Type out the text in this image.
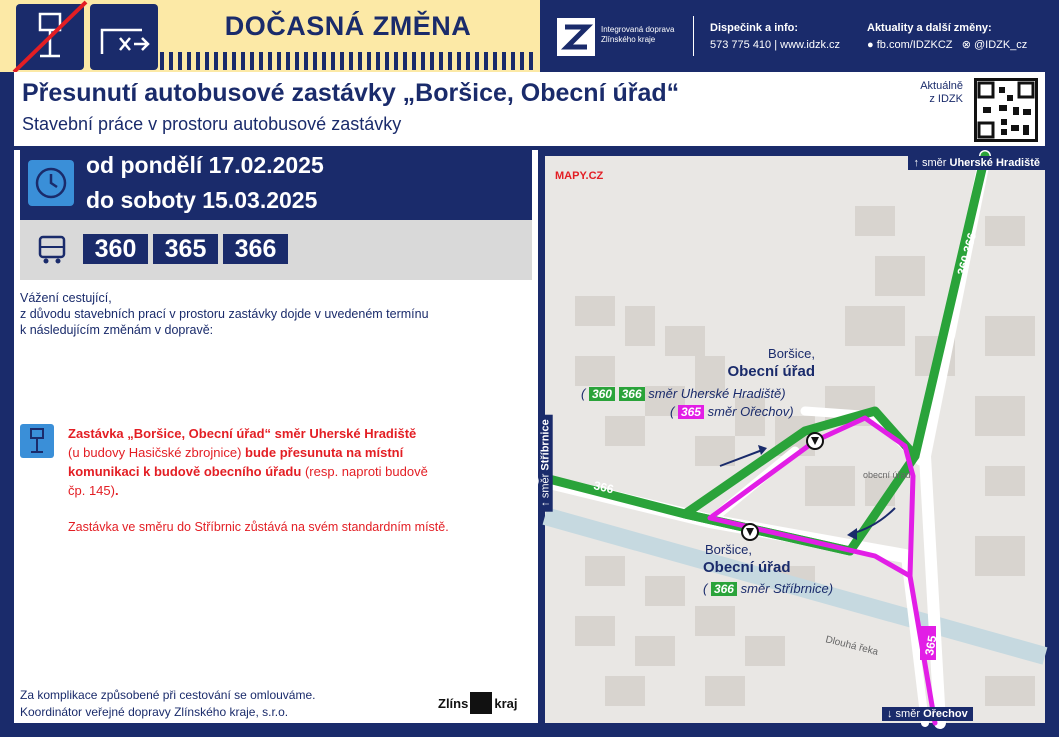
DOČASNÁ ZMĚNA	Integrovaná doprava
Zlínského kraje
Dispečink a info:
573 775 410 | www.idzk.cz
Aktuality a další změny:
● fb.com/IDZKCZ ⊗ @IDZK_cz
Přesunutí autobusové zastávky „Boršice, Obecní úřad“
Stavební práce v prostoru autobusové zastávky
Aktuálně
z IDZK
od pondělí 17.02.2025
do soboty 15.03.2025
360	365	366
Vážení cestující,
z důvodu stavebních prací v prostoru zastávky dojde v uvedeném termínu
k následujícím změnám v dopravě:
Zastávka „Boršice, Obecní úřad“ směr Uherské Hradiště
(u budovy Hasičské zbrojnice) bude přesunuta na místní
komunikaci k budově obecního úřadu (resp. naproti budově
čp. 145).
Zastávka ve směru do Stříbrnic zůstává na svém standardním místě.
Za komplikace způsobené při cestování se omlouváme.
Koordinátor veřejné dopravy Zlínského kraje, s.r.o.
Zlíns kraj
360 366
366
365
obecní úřad
Dlouhá řeka
MAPY.CZ
↑ směr Uherské Hradiště
↑ směr Stříbrnice
↓ směr Ořechov
Boršice,
Obecní úřad
( 360 366 směr Uherské Hradiště)
( 365 směr Ořechov)
Boršice,
Obecní úřad
( 366 směr Stříbrnice)
